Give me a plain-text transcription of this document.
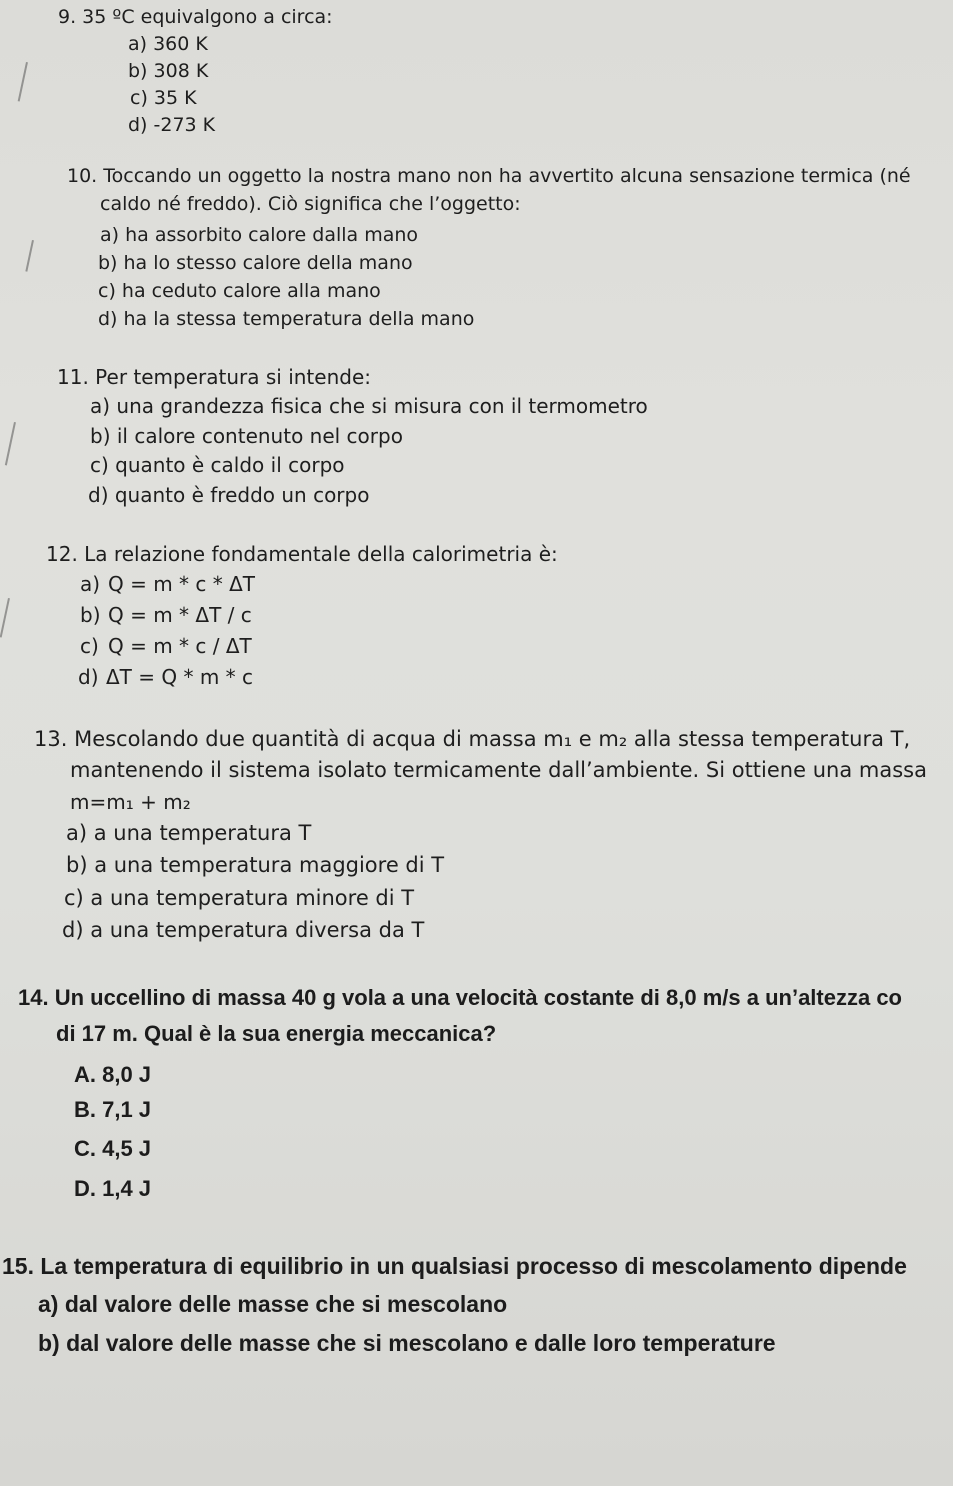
9. 35 ºC equivalgono a circa:
a) 360 K
b) 308 K
c) 35 K
d) -273 K
10. Toccando un oggetto la nostra mano non ha avvertito alcuna sensazione termica (né
caldo né freddo). Ciò significa che l’oggetto:
a) ha assorbito calore dalla mano
b) ha lo stesso calore della mano
c) ha ceduto calore alla mano
d) ha la stessa temperatura della mano
11. Per temperatura si intende:
a) una grandezza fisica che si misura con il termometro
b) il calore contenuto nel corpo
c) quanto è caldo il corpo
d) quanto è freddo un corpo
12. La relazione fondamentale della calorimetria è:
a) Q = m * c * ΔT
b) Q = m * ΔT / c
c) Q = m * c / ΔT
d) ΔT = Q * m * c
13. Mescolando due quantità di acqua di massa m₁ e m₂ alla stessa temperatura T,
mantenendo il sistema isolato termicamente dall’ambiente. Si ottiene una massa
m=m₁ + m₂
a) a una temperatura T
b) a una temperatura maggiore di T
c) a una temperatura minore di T
d) a una temperatura diversa da T
14. Un uccellino di massa 40 g vola a una velocità costante di 8,0 m/s a un’altezza co
di 17 m. Qual è la sua energia meccanica?
A. 8,0 J
B. 7,1 J
C. 4,5 J
D. 1,4 J
15. La temperatura di equilibrio in un qualsiasi processo di mescolamento dipende
a) dal valore delle masse che si mescolano
b) dal valore delle masse che si mescolano e dalle loro temperature
